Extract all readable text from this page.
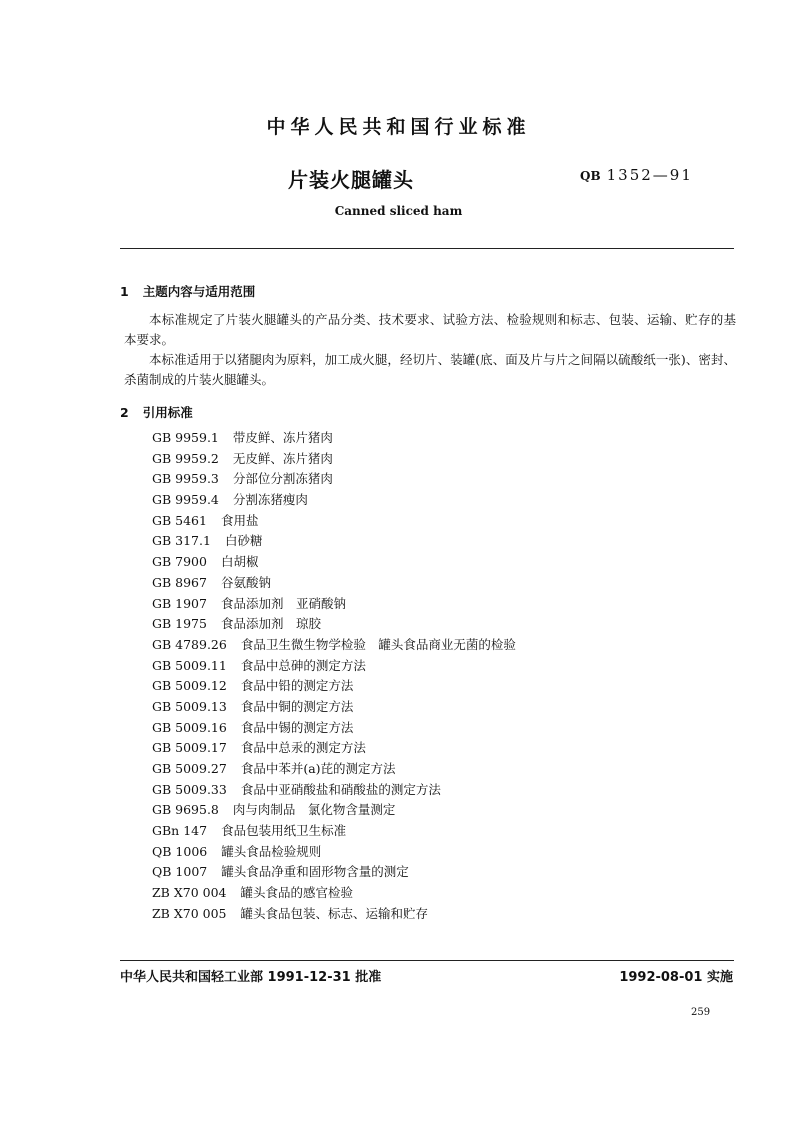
中华人民共和国行业标准
片装火腿罐头	QB 1352—91
Canned sliced ham
1 主题内容与适用范围
本标准规定了片装火腿罐头的产品分类、技术要求、试验方法、检验规则和标志、包装、运输、贮存的基本要求。
本标准适用于以猪腿肉为原料，加工成火腿，经切片、装罐(底、面及片与片之间隔以硫酸纸一张)、密封、杀菌制成的片装火腿罐头。
2 引用标准
GB 9959.1 带皮鲜、冻片猪肉
GB 9959.2 无皮鲜、冻片猪肉
GB 9959.3 分部位分割冻猪肉
GB 9959.4 分割冻猪瘦肉
GB 5461 食用盐
GB 317.1 白砂糖
GB 7900 白胡椒
GB 8967 谷氨酸钠
GB 1907 食品添加剂　亚硝酸钠
GB 1975 食品添加剂　琼胶
GB 4789.26 食品卫生微生物学检验　罐头食品商业无菌的检验
GB 5009.11 食品中总砷的测定方法
GB 5009.12 食品中铅的测定方法
GB 5009.13 食品中铜的测定方法
GB 5009.16 食品中锡的测定方法
GB 5009.17 食品中总汞的测定方法
GB 5009.27 食品中苯并(a)芘的测定方法
GB 5009.33 食品中亚硝酸盐和硝酸盐的测定方法
GB 9695.8 肉与肉制品　氯化物含量测定
GBn 147 食品包装用纸卫生标准
QB 1006 罐头食品检验规则
QB 1007 罐头食品净重和固形物含量的测定
ZB X70 004 罐头食品的感官检验
ZB X70 005 罐头食品包装、标志、运输和贮存
中华人民共和国轻工业部 1991-12-31 批准	1992-08-01 实施
259
